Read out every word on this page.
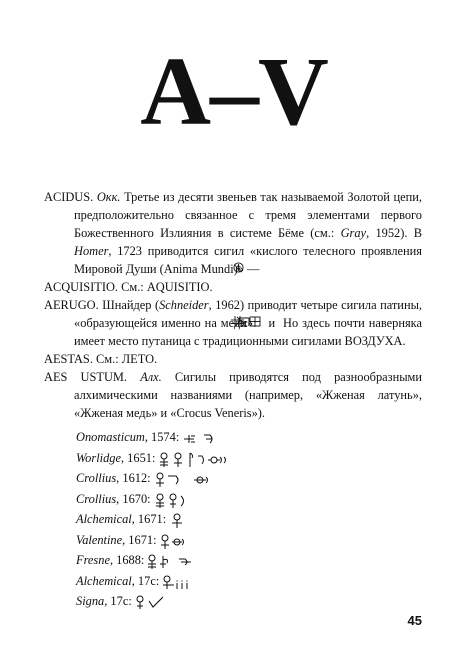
A–V

ACIDUS. Окк. Третье из десяти звеньев так называемой Золотой цепи, предположительно связанное с тремя элементами первого Божественного Излияния в системе Бёме (см.: Gray, 1952). В Homer, 1723 приводится сигил «кислого телесного проявления Мировой Души (Anima Mundi)» —

ACQUISITIO. См.: AQUISITIO.

AERUGO. Шнайдер (Schneider, 1962) приводит четыре сигила патины, «образующейся именно на меди»: и Но здесь почти наверняка имеет место путаница с традиционными сигилами ВОЗДУХА.

AESTAS. См.: ЛЕТО.

AES USTUM. Алх. Сигилы приводятся под разнообразными алхимическими названиями (например, «Жженая латунь», «Жженая медь» и «Crocus Veneris»).

Onomasticum, 1574:
Worlidge, 1651:
Crollius, 1612:
Crollius, 1670:
Alchemical, 1671:
Valentine, 1671:
Fresne, 1688:
Alchemical, 17c:
Signa, 17c:
45
